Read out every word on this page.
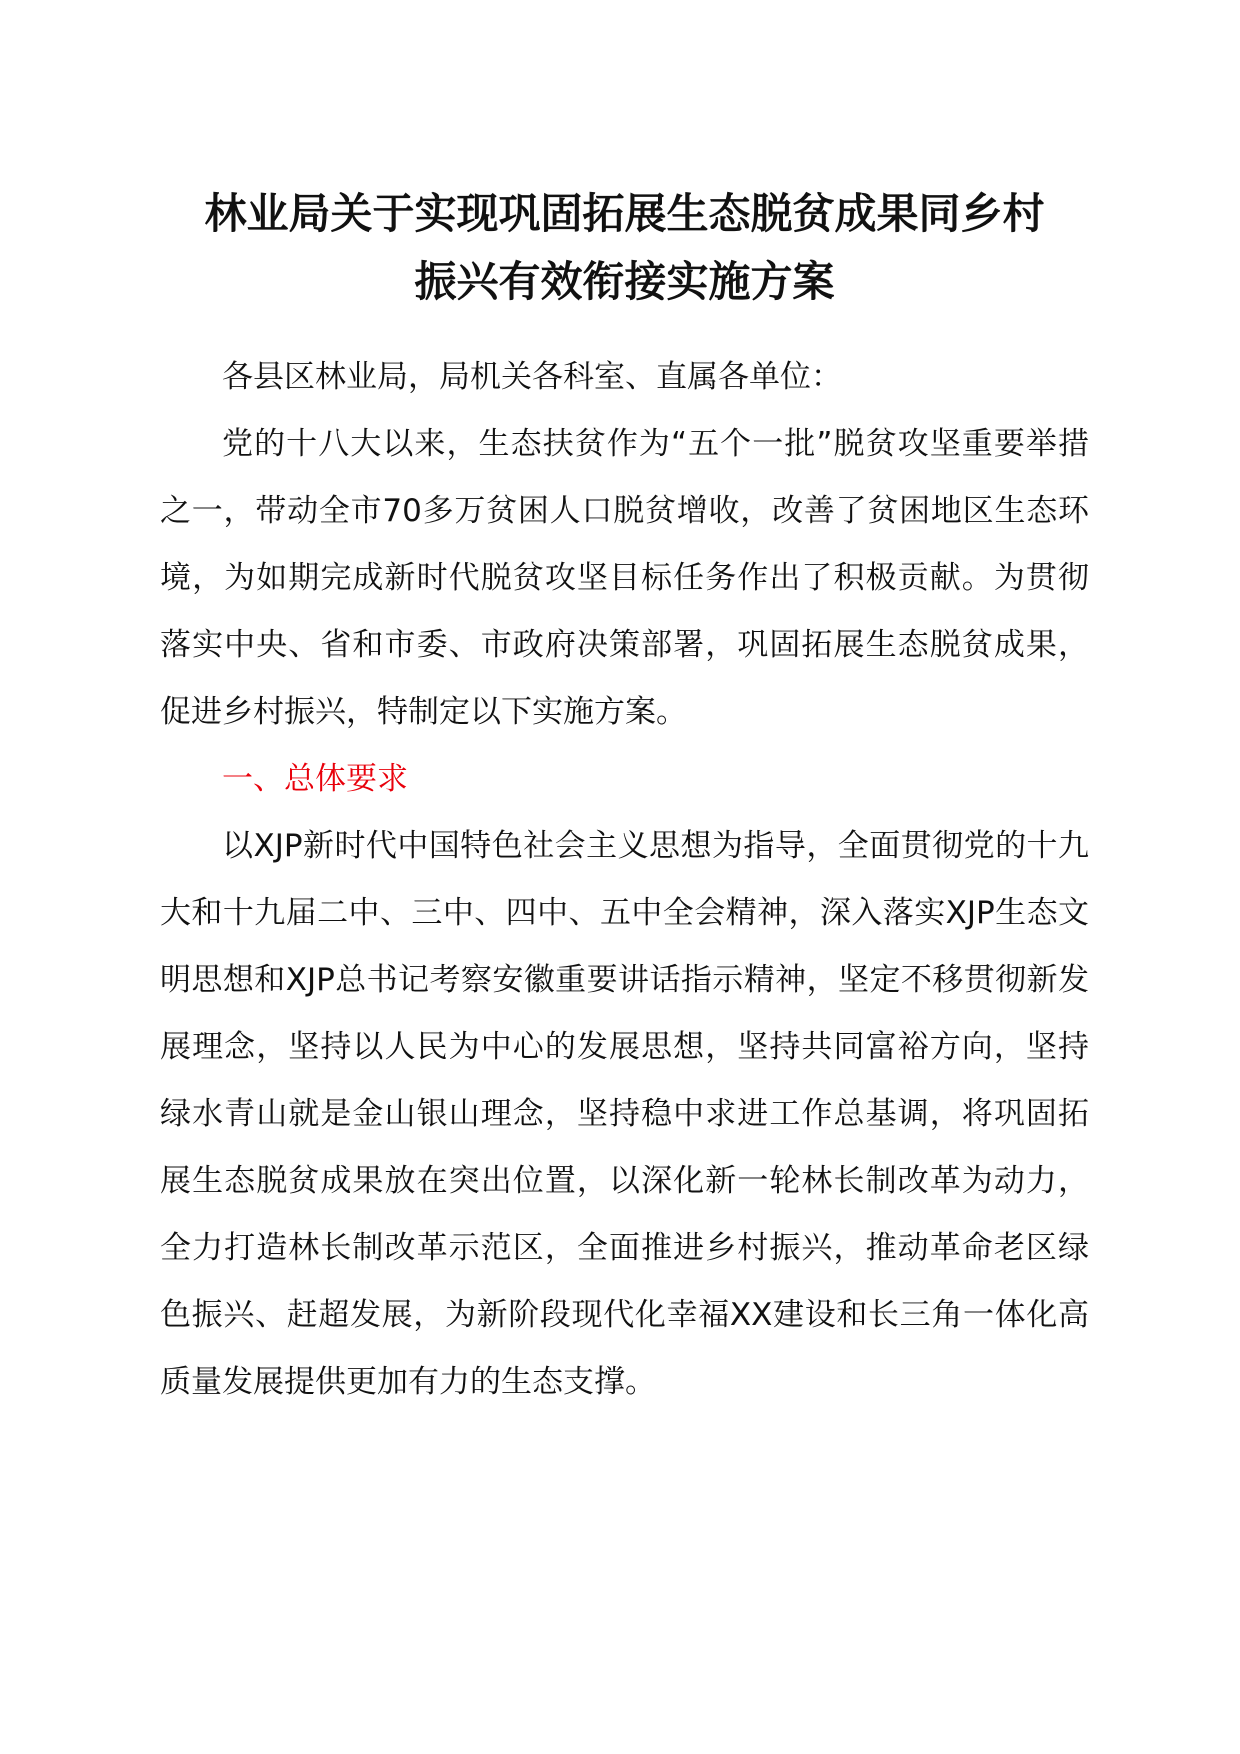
林业局关于实现巩固拓展生态脱贫成果同乡村
振兴有效衔接实施方案

各县区林业局，局机关各科室、直属各单位：

党的十八大以来，生态扶贫作为“五个一批”脱贫攻坚重要举措之一，带动全市70多万贫困人口脱贫增收，改善了贫困地区生态环境，为如期完成新时代脱贫攻坚目标任务作出了积极贡献。为贯彻落实中央、省和市委、市政府决策部署，巩固拓展生态脱贫成果，促进乡村振兴，特制定以下实施方案。

一、总体要求

以XJP新时代中国特色社会主义思想为指导，全面贯彻党的十九大和十九届二中、三中、四中、五中全会精神，深入落实XJP生态文明思想和XJP总书记考察安徽重要讲话指示精神，坚定不移贯彻新发展理念，坚持以人民为中心的发展思想，坚持共同富裕方向，坚持绿水青山就是金山银山理念，坚持稳中求进工作总基调，将巩固拓展生态脱贫成果放在突出位置，以深化新一轮林长制改革为动力，全力打造林长制改革示范区，全面推进乡村振兴，推动革命老区绿色振兴、赶超发展，为新阶段现代化幸福XX建设和长三角一体化高质量发展提供更加有力的生态支撑。
